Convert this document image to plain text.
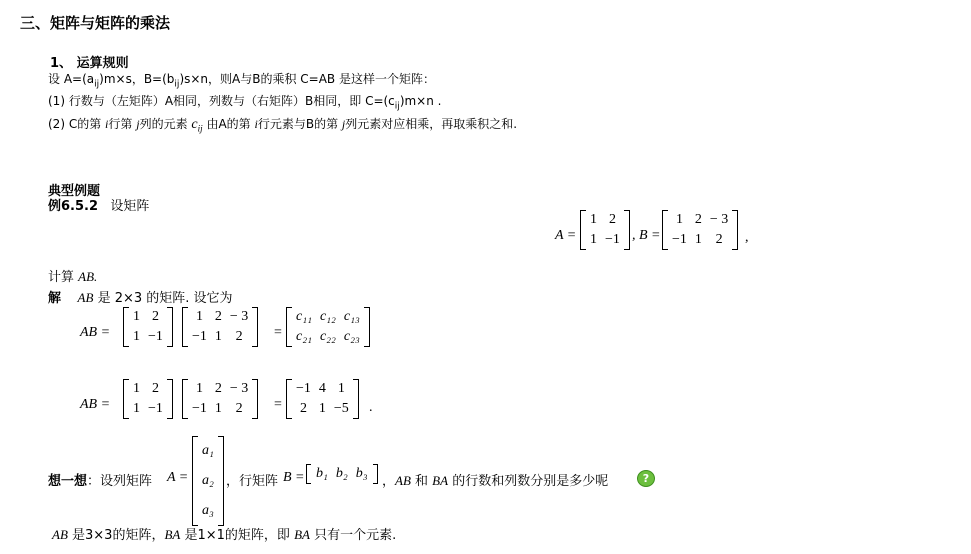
三、矩阵与矩阵的乘法
1、 运算规则
设 $A=(a_{ij})m\times s$，$B=(b_{ij})s\times n$，则A与B的乘积 C=AB 是这样一个矩阵：
(1) 行数与（左矩阵）A相同，列数与（右矩阵）B相同，即 $C=(c_{ij})m\times n$ .
(2) C的第 i行第 j列的元素 $c_{ij}$ 由A的第 i行元素与B的第 j列元素对应相乘，再取乘积之和.
典型例题
例6.5.2 设矩阵
A =
1	2
1	−1 , B =
1	2	− 3
−1	1	2 ,
计算 AB.
解 AB 是 2×3 的矩阵. 设它为
AB =
1	2
1	−1
1	2	− 3
−1	1	2 =
c₁₁	c₁₂	c₁₃
c₂₁	c₂₂	c₂₃
AB =
1	2
1	−1
1	2	− 3
−1	1	2 =
−1	4	1
2	1	−5 .
想一想：设列矩阵 A =
a₁
a₂
a₃
，行矩阵 B = b₁	b₂	b₃
，AB 和 BA 的行数和列数分别是多少呢	?
AB 是3×3的矩阵，BA 是1×1的矩阵，即 BA 只有一个元素.
